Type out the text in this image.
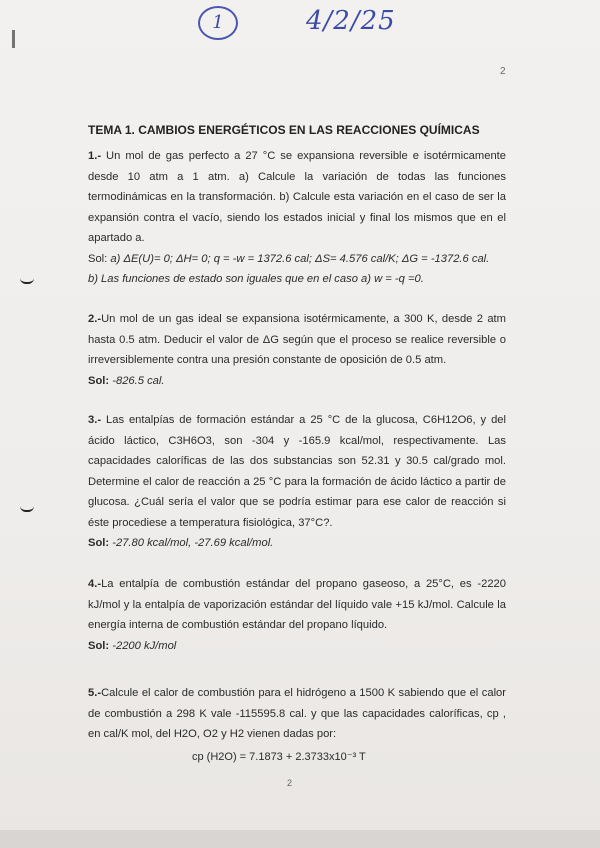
1	4/2/25
2
TEMA 1. CAMBIOS ENERGÉTICOS EN LAS REACCIONES QUÍMICAS
1.- Un mol de gas perfecto a 27 °C se expansiona reversible e isotérmicamente desde 10 atm a 1 atm. a) Calcule la variación de todas las funciones termodinámicas en la transformación. b) Calcule esta variación en el caso de ser la expansión contra el vacío, siendo los estados inicial y final los mismos que en el apartado a.
Sol: a) ΔE(U)= 0; ΔH= 0; q = -w = 1372.6 cal; ΔS= 4.576 cal/K; ΔG = -1372.6 cal.
b) Las funciones de estado son iguales que en el caso a) w = -q =0.
2.-Un mol de un gas ideal se expansiona isotérmicamente, a 300 K, desde 2 atm hasta 0.5 atm. Deducir el valor de ΔG según que el proceso se realice reversible o irreversiblemente contra una presión constante de oposición de 0.5 atm.
Sol: -826.5 cal.
3.- Las entalpías de formación estándar a 25 °C de la glucosa, C6H12O6, y del ácido láctico, C3H6O3, son -304 y -165.9 kcal/mol, respectivamente. Las capacidades caloríficas de las dos substancias son 52.31 y 30.5 cal/grado mol. Determine el calor de reacción a 25 °C para la formación de ácido láctico a partir de glucosa. ¿Cuál sería el valor que se podría estimar para ese calor de reacción si éste procediese a temperatura fisiológica, 37°C?.
Sol: -27.80 kcal/mol, -27.69 kcal/mol.
4.-La entalpía de combustión estándar del propano gaseoso, a 25°C, es -2220 kJ/mol y la entalpía de vaporización estándar del líquido vale +15 kJ/mol. Calcule la energía interna de combustión estándar del propano líquido.
Sol: -2200 kJ/mol
5.-Calcule el calor de combustión para el hidrógeno a 1500 K sabiendo que el calor de combustión a 298 K vale -115595.8 cal. y que las capacidades caloríficas, cp , en cal/K mol, del H2O, O2 y H2 vienen dadas por:
cp (H2O) = 7.1873 + 2.3733x10⁻³ T
2
